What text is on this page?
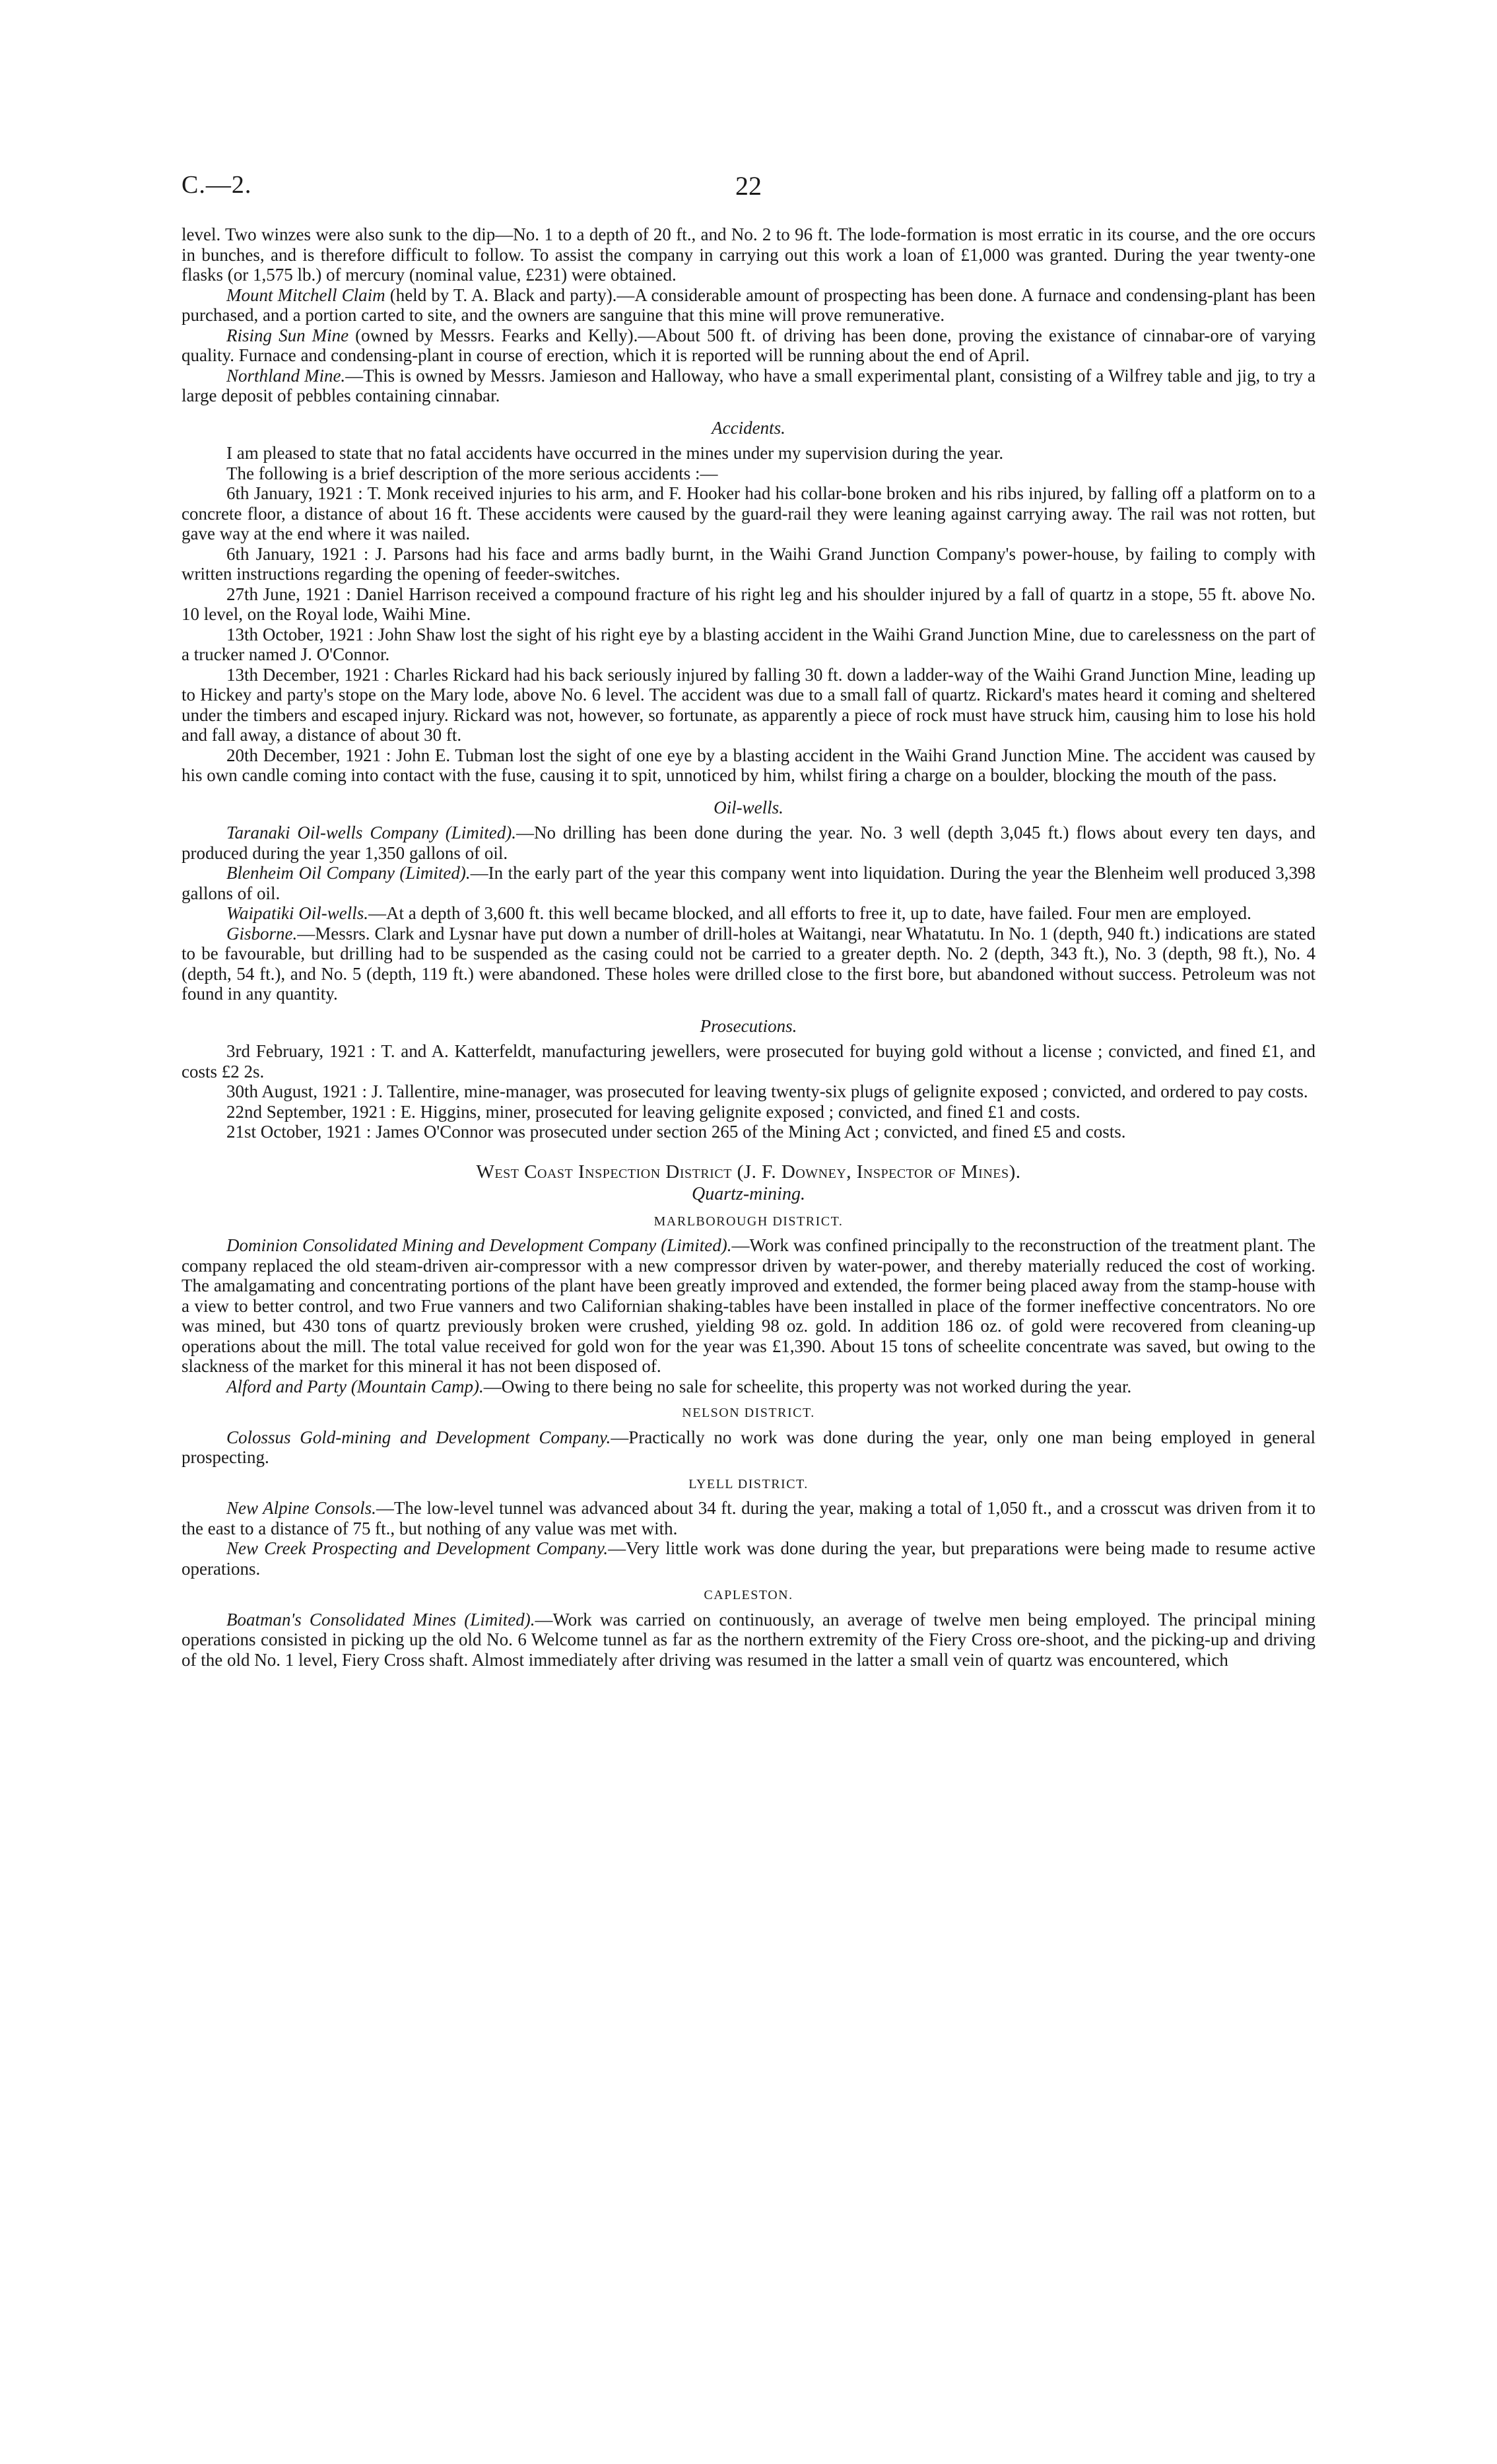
C.—2.	22

level. Two winzes were also sunk to the dip—No. 1 to a depth of 20 ft., and No. 2 to 96 ft. The lode-formation is most erratic in its course, and the ore occurs in bunches, and is therefore difficult to follow. To assist the company in carrying out this work a loan of £1,000 was granted. During the year twenty-one flasks (or 1,575 lb.) of mercury (nominal value, £231) were obtained.

Mount Mitchell Claim (held by T. A. Black and party).—A considerable amount of prospecting has been done. A furnace and condensing-plant has been purchased, and a portion carted to site, and the owners are sanguine that this mine will prove remunerative.

Rising Sun Mine (owned by Messrs. Fearks and Kelly).—About 500 ft. of driving has been done, proving the existance of cinnabar-ore of varying quality. Furnace and condensing-plant in course of erection, which it is reported will be running about the end of April.

Northland Mine.—This is owned by Messrs. Jamieson and Halloway, who have a small experimental plant, consisting of a Wilfrey table and jig, to try a large deposit of pebbles containing cinnabar.

Accidents.

I am pleased to state that no fatal accidents have occurred in the mines under my supervision during the year.

The following is a brief description of the more serious accidents :—

6th January, 1921 : T. Monk received injuries to his arm, and F. Hooker had his collar-bone broken and his ribs injured, by falling off a platform on to a concrete floor, a distance of about 16 ft. These accidents were caused by the guard-rail they were leaning against carrying away. The rail was not rotten, but gave way at the end where it was nailed.

6th January, 1921 : J. Parsons had his face and arms badly burnt, in the Waihi Grand Junction Company's power-house, by failing to comply with written instructions regarding the opening of feeder-switches.

27th June, 1921 : Daniel Harrison received a compound fracture of his right leg and his shoulder injured by a fall of quartz in a stope, 55 ft. above No. 10 level, on the Royal lode, Waihi Mine.

13th October, 1921 : John Shaw lost the sight of his right eye by a blasting accident in the Waihi Grand Junction Mine, due to carelessness on the part of a trucker named J. O'Connor.

13th December, 1921 : Charles Rickard had his back seriously injured by falling 30 ft. down a ladder-way of the Waihi Grand Junction Mine, leading up to Hickey and party's stope on the Mary lode, above No. 6 level. The accident was due to a small fall of quartz. Rickard's mates heard it coming and sheltered under the timbers and escaped injury. Rickard was not, however, so fortunate, as apparently a piece of rock must have struck him, causing him to lose his hold and fall away, a distance of about 30 ft.

20th December, 1921 : John E. Tubman lost the sight of one eye by a blasting accident in the Waihi Grand Junction Mine. The accident was caused by his own candle coming into contact with the fuse, causing it to spit, unnoticed by him, whilst firing a charge on a boulder, blocking the mouth of the pass.

Oil-wells.

Taranaki Oil-wells Company (Limited).—No drilling has been done during the year. No. 3 well (depth 3,045 ft.) flows about every ten days, and produced during the year 1,350 gallons of oil.

Blenheim Oil Company (Limited).—In the early part of the year this company went into liquidation. During the year the Blenheim well produced 3,398 gallons of oil.

Waipatiki Oil-wells.—At a depth of 3,600 ft. this well became blocked, and all efforts to free it, up to date, have failed. Four men are employed.

Gisborne.—Messrs. Clark and Lysnar have put down a number of drill-holes at Waitangi, near Whatatutu. In No. 1 (depth, 940 ft.) indications are stated to be favourable, but drilling had to be suspended as the casing could not be carried to a greater depth. No. 2 (depth, 343 ft.), No. 3 (depth, 98 ft.), No. 4 (depth, 54 ft.), and No. 5 (depth, 119 ft.) were abandoned. These holes were drilled close to the first bore, but abandoned without success. Petroleum was not found in any quantity.

Prosecutions.

3rd February, 1921 : T. and A. Katterfeldt, manufacturing jewellers, were prosecuted for buying gold without a license ; convicted, and fined £1, and costs £2 2s.

30th August, 1921 : J. Tallentire, mine-manager, was prosecuted for leaving twenty-six plugs of gelignite exposed ; convicted, and ordered to pay costs.

22nd September, 1921 : E. Higgins, miner, prosecuted for leaving gelignite exposed ; convicted, and fined £1 and costs.

21st October, 1921 : James O'Connor was prosecuted under section 265 of the Mining Act ; convicted, and fined £5 and costs.

West Coast Inspection District (J. F. Downey, Inspector of Mines).
Quartz-mining.
MARLBOROUGH DISTRICT.

Dominion Consolidated Mining and Development Company (Limited).—Work was confined principally to the reconstruction of the treatment plant. The company replaced the old steam-driven air-compressor with a new compressor driven by water-power, and thereby materially reduced the cost of working. The amalgamating and concentrating portions of the plant have been greatly improved and extended, the former being placed away from the stamp-house with a view to better control, and two Frue vanners and two Californian shaking-tables have been installed in place of the former ineffective concentrators. No ore was mined, but 430 tons of quartz previously broken were crushed, yielding 98 oz. gold. In addition 186 oz. of gold were recovered from cleaning-up operations about the mill. The total value received for gold won for the year was £1,390. About 15 tons of scheelite concentrate was saved, but owing to the slackness of the market for this mineral it has not been disposed of.

Alford and Party (Mountain Camp).—Owing to there being no sale for scheelite, this property was not worked during the year.

NELSON DISTRICT.

Colossus Gold-mining and Development Company.—Practically no work was done during the year, only one man being employed in general prospecting.

LYELL DISTRICT.

New Alpine Consols.—The low-level tunnel was advanced about 34 ft. during the year, making a total of 1,050 ft., and a crosscut was driven from it to the east to a distance of 75 ft., but nothing of any value was met with.

New Creek Prospecting and Development Company.—Very little work was done during the year, but preparations were being made to resume active operations.

CAPLESTON.

Boatman's Consolidated Mines (Limited).—Work was carried on continuously, an average of twelve men being employed. The principal mining operations consisted in picking up the old No. 6 Welcome tunnel as far as the northern extremity of the Fiery Cross ore-shoot, and the picking-up and driving of the old No. 1 level, Fiery Cross shaft. Almost immediately after driving was resumed in the latter a small vein of quartz was encountered, which
